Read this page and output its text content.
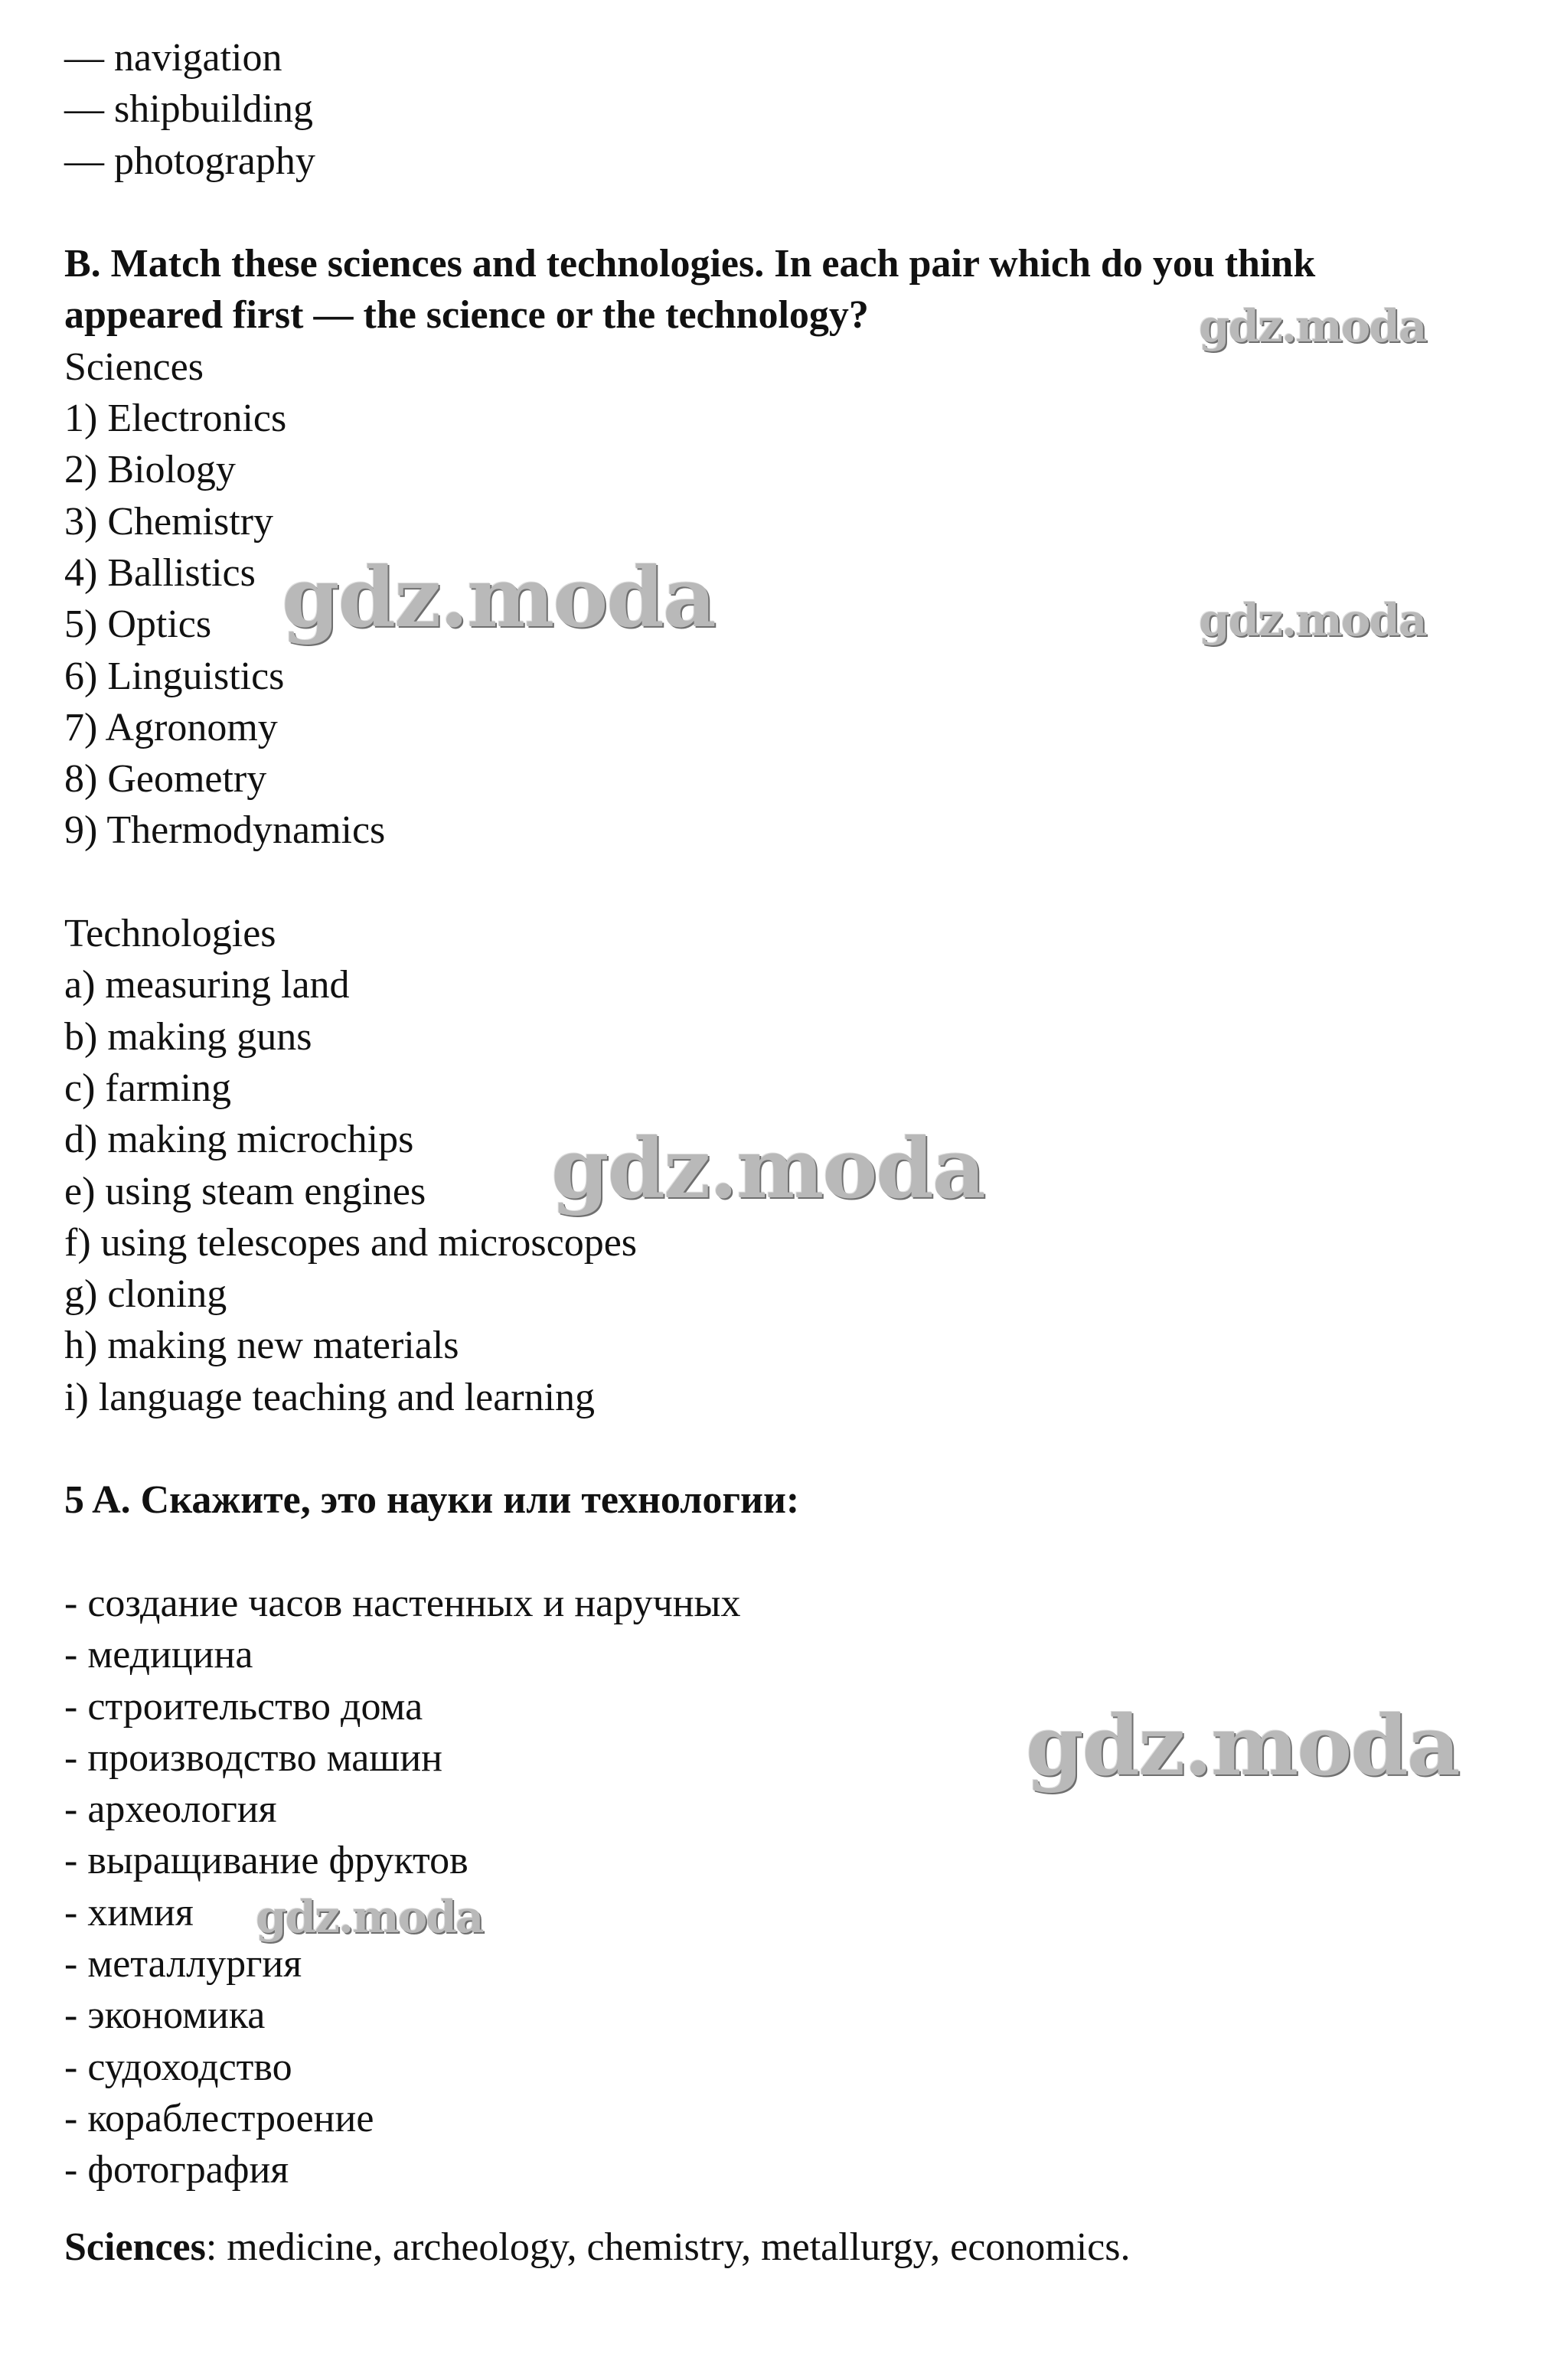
— navigation
— shipbuilding
— photography
B. Match these sciences and technologies. In each pair which do you think
appeared first — the science or the technology?
Sciences
1) Electronics
2) Biology
3) Chemistry
4) Ballistics
5) Optics
6) Linguistics
7) Agronomy
8) Geometry
9) Thermodynamics
Technologies
a) measuring land
b) making guns
c) farming
d) making microchips
e) using steam engines
f) using telescopes and microscopes
g) cloning
h) making new materials
i) language teaching and learning
5 A. Скажите, это науки или технологии:
- создание часов настенных и наручных
- медицина
- строительство дома
- производство машин
- археология
- выращивание фруктов
- химия
- металлургия
- экономика
- судоходство
- кораблестроение
- фотография
Sciences: medicine, archeology, chemistry, metallurgy, economics.
gdz.moda
gdz.moda	gdz.moda
gdz.moda
gdz.moda
gdz.moda
